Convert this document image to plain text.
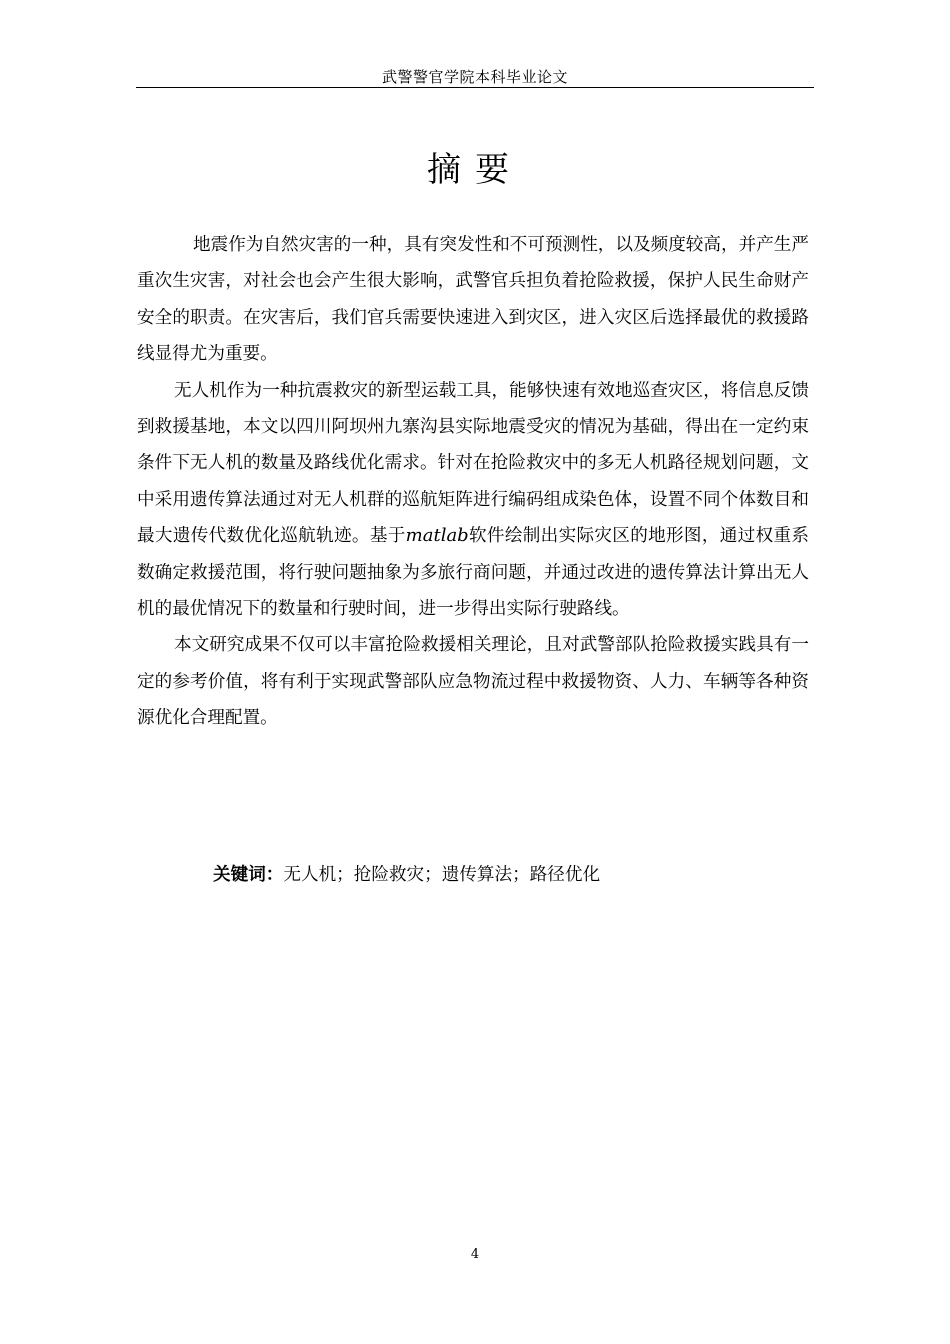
武警警官学院本科毕业论文
摘要

地震作为自然灾害的一种，具有突发性和不可预测性，以及频度较高，并产生严重次生灾害，对社会也会产生很大影响，武警官兵担负着抢险救援，保护人民生命财产安全的职责。在灾害后，我们官兵需要快速进入到灾区，进入灾区后选择最优的救援路线显得尤为重要。

无人机作为一种抗震救灾的新型运载工具，能够快速有效地巡查灾区，将信息反馈到救援基地，本文以四川阿坝州九寨沟县实际地震受灾的情况为基础，得出在一定约束条件下无人机的数量及路线优化需求。针对在抢险救灾中的多无人机路径规划问题，文中采用遗传算法通过对无人机群的巡航矩阵进行编码组成染色体，设置不同个体数目和最大遗传代数优化巡航轨迹。基于matlab软件绘制出实际灾区的地形图，通过权重系数确定救援范围，将行驶问题抽象为多旅行商问题，并通过改进的遗传算法计算出无人机的最优情况下的数量和行驶时间，进一步得出实际行驶路线。

本文研究成果不仅可以丰富抢险救援相关理论，且对武警部队抢险救援实践具有一定的参考价值，将有利于实现武警部队应急物流过程中救援物资、人力、车辆等各种资源优化合理配置。

关键词：无人机；抢险救灾；遗传算法；路径优化
4
